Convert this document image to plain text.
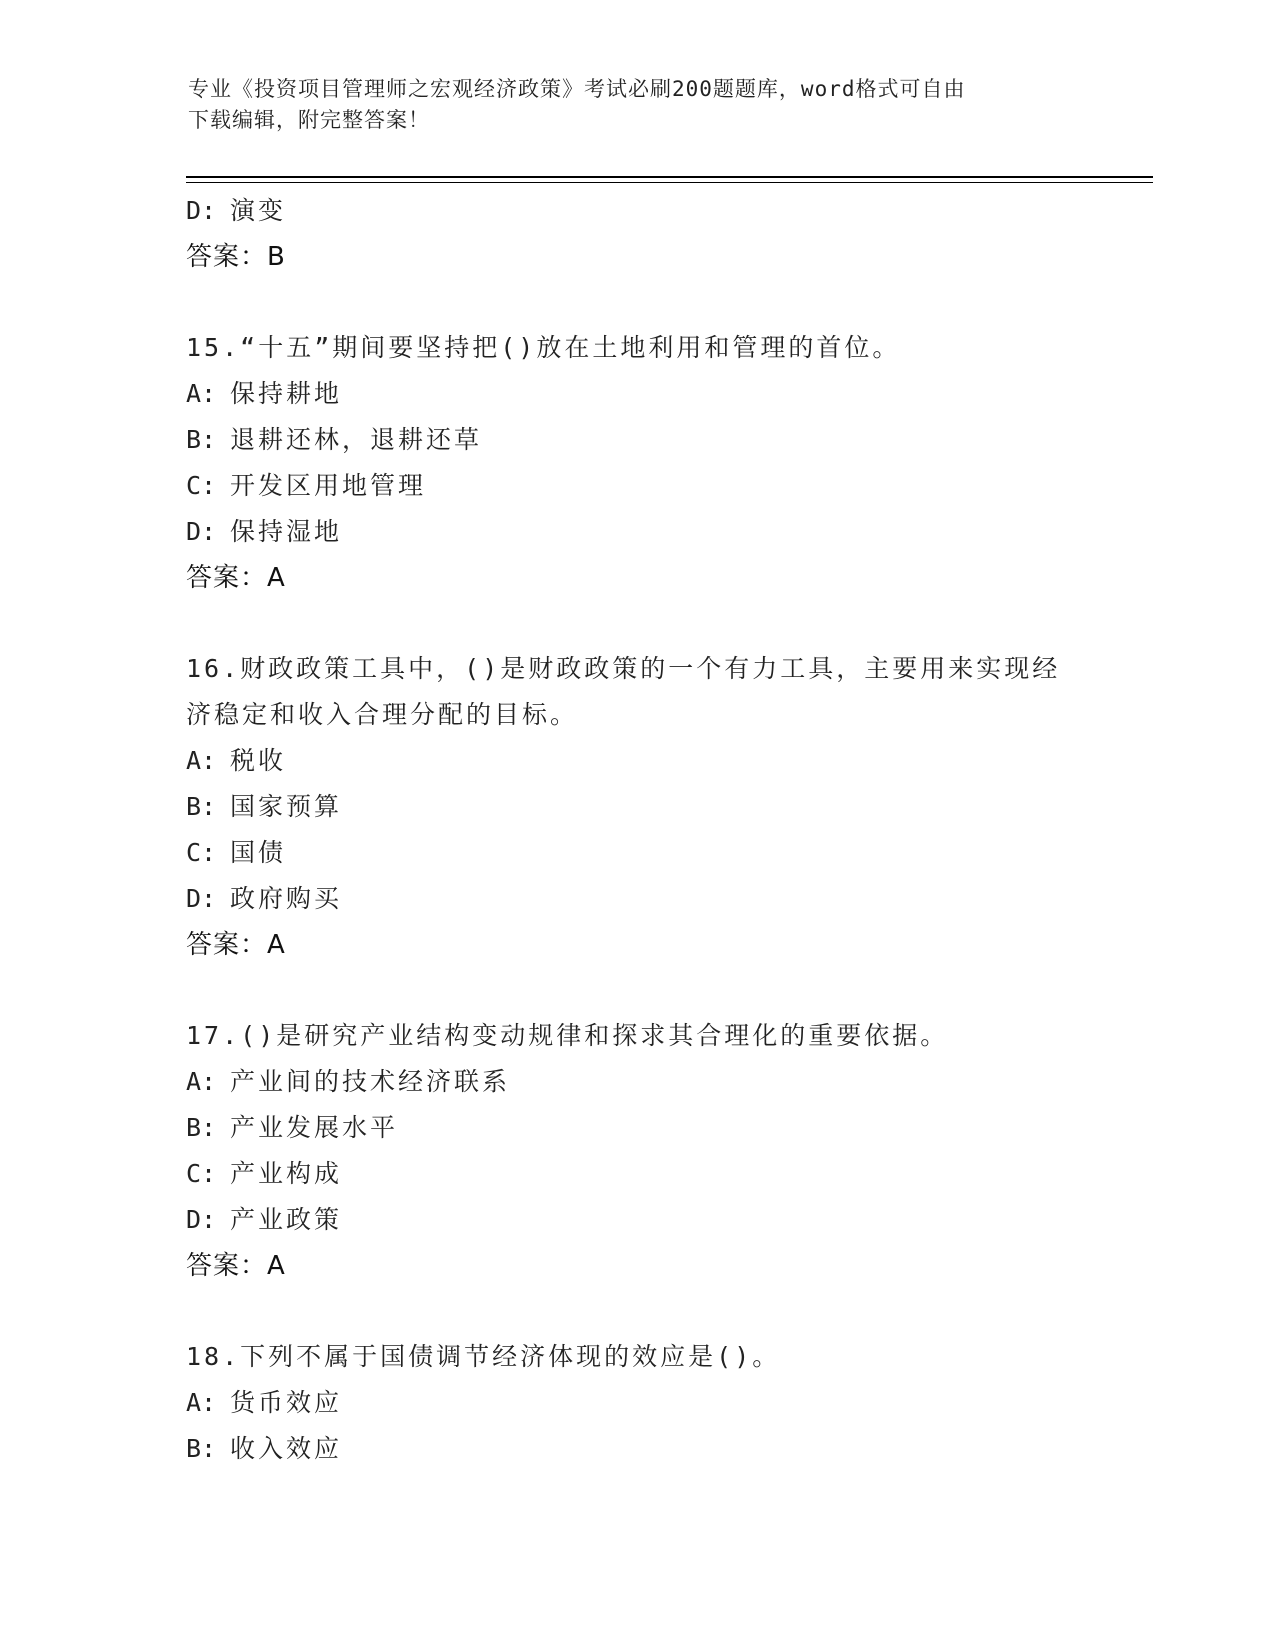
专业《投资项目管理师之宏观经济政策》考试必刷200题题库，word格式可自由
下载编辑，附完整答案！
D: 演变
答案：B
15.“十五”期间要坚持把()放在土地利用和管理的首位。
A: 保持耕地
B: 退耕还林，退耕还草
C: 开发区用地管理
D: 保持湿地
答案：A
16.财政政策工具中，()是财政政策的一个有力工具，主要用来实现经
济稳定和收入合理分配的目标。
A: 税收
B: 国家预算
C: 国债
D: 政府购买
答案：A
17.()是研究产业结构变动规律和探求其合理化的重要依据。
A: 产业间的技术经济联系
B: 产业发展水平
C: 产业构成
D: 产业政策
答案：A
18.下列不属于国债调节经济体现的效应是()。
A: 货币效应
B: 收入效应
